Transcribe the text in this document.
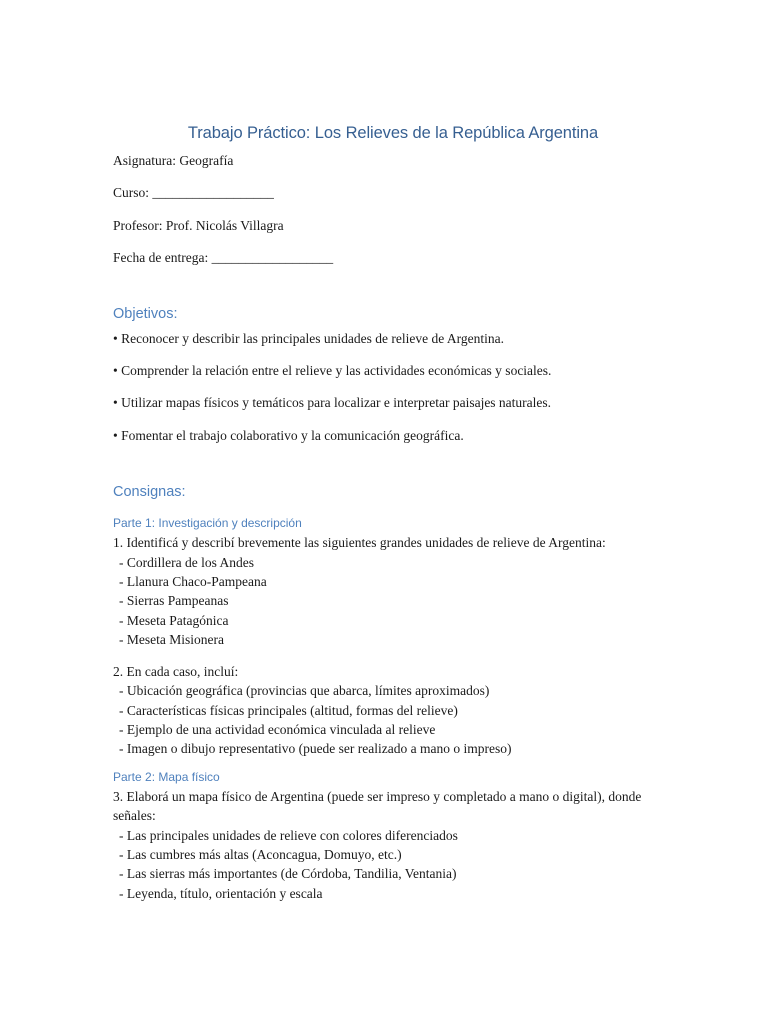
Trabajo Práctico: Los Relieves de la República Argentina

Asignatura: Geografía

Curso: __________________

Profesor: Prof. Nicolás Villagra

Fecha de entrega: __________________

Objetivos:

• Reconocer y describir las principales unidades de relieve de Argentina.

• Comprender la relación entre el relieve y las actividades económicas y sociales.

• Utilizar mapas físicos y temáticos para localizar e interpretar paisajes naturales.

• Fomentar el trabajo colaborativo y la comunicación geográfica.

Consignas:
Parte 1: Investigación y descripción

1. Identificá y describí brevemente las siguientes grandes unidades de relieve de Argentina:

- Cordillera de los Andes

- Llanura Chaco-Pampeana

- Sierras Pampeanas

- Meseta Patagónica

- Meseta Misionera

2. En cada caso, incluí:

- Ubicación geográfica (provincias que abarca, límites aproximados)

- Características físicas principales (altitud, formas del relieve)

- Ejemplo de una actividad económica vinculada al relieve

- Imagen o dibujo representativo (puede ser realizado a mano o impreso)

Parte 2: Mapa físico

3. Elaborá un mapa físico de Argentina (puede ser impreso y completado a mano o digital), donde señales:

- Las principales unidades de relieve con colores diferenciados

- Las cumbres más altas (Aconcagua, Domuyo, etc.)

- Las sierras más importantes (de Córdoba, Tandilia, Ventania)

- Leyenda, título, orientación y escala
